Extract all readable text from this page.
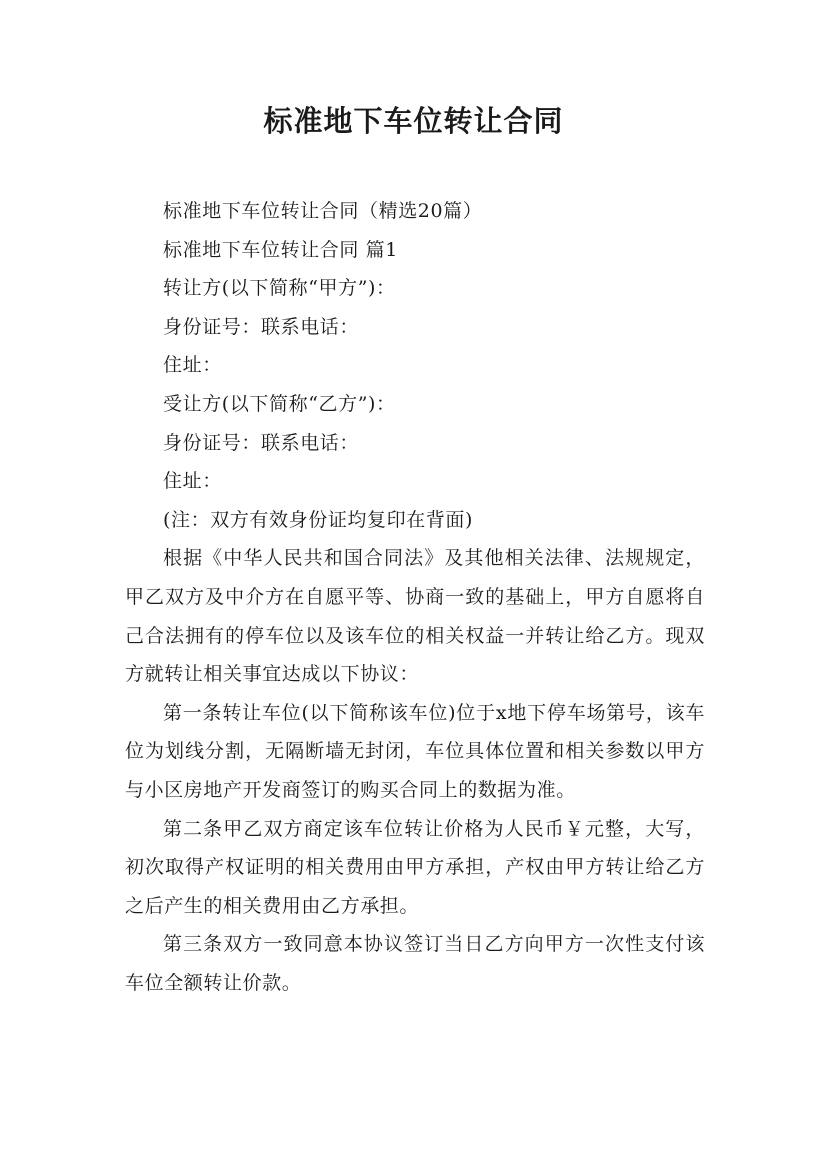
标准地下车位转让合同

标准地下车位转让合同（精选20篇）

标准地下车位转让合同 篇1

转让方(以下简称“甲方”)：

身份证号：联系电话：

住址：

受让方(以下简称“乙方”)：

身份证号：联系电话：

住址：

(注：双方有效身份证均复印在背面)

根据《中华人民共和国合同法》及其他相关法律、法规规定，甲乙双方及中介方在自愿平等、协商一致的基础上，甲方自愿将自己合法拥有的停车位以及该车位的相关权益一并转让给乙方。现双方就转让相关事宜达成以下协议：

第一条转让车位(以下简称该车位)位于x地下停车场第号，该车位为划线分割，无隔断墙无封闭，车位具体位置和相关参数以甲方与小区房地产开发商签订的购买合同上的数据为准。

第二条甲乙双方商定该车位转让价格为人民币￥元整，大写，初次取得产权证明的相关费用由甲方承担，产权由甲方转让给乙方之后产生的相关费用由乙方承担。

第三条双方一致同意本协议签订当日乙方向甲方一次性支付该车位全额转让价款。
